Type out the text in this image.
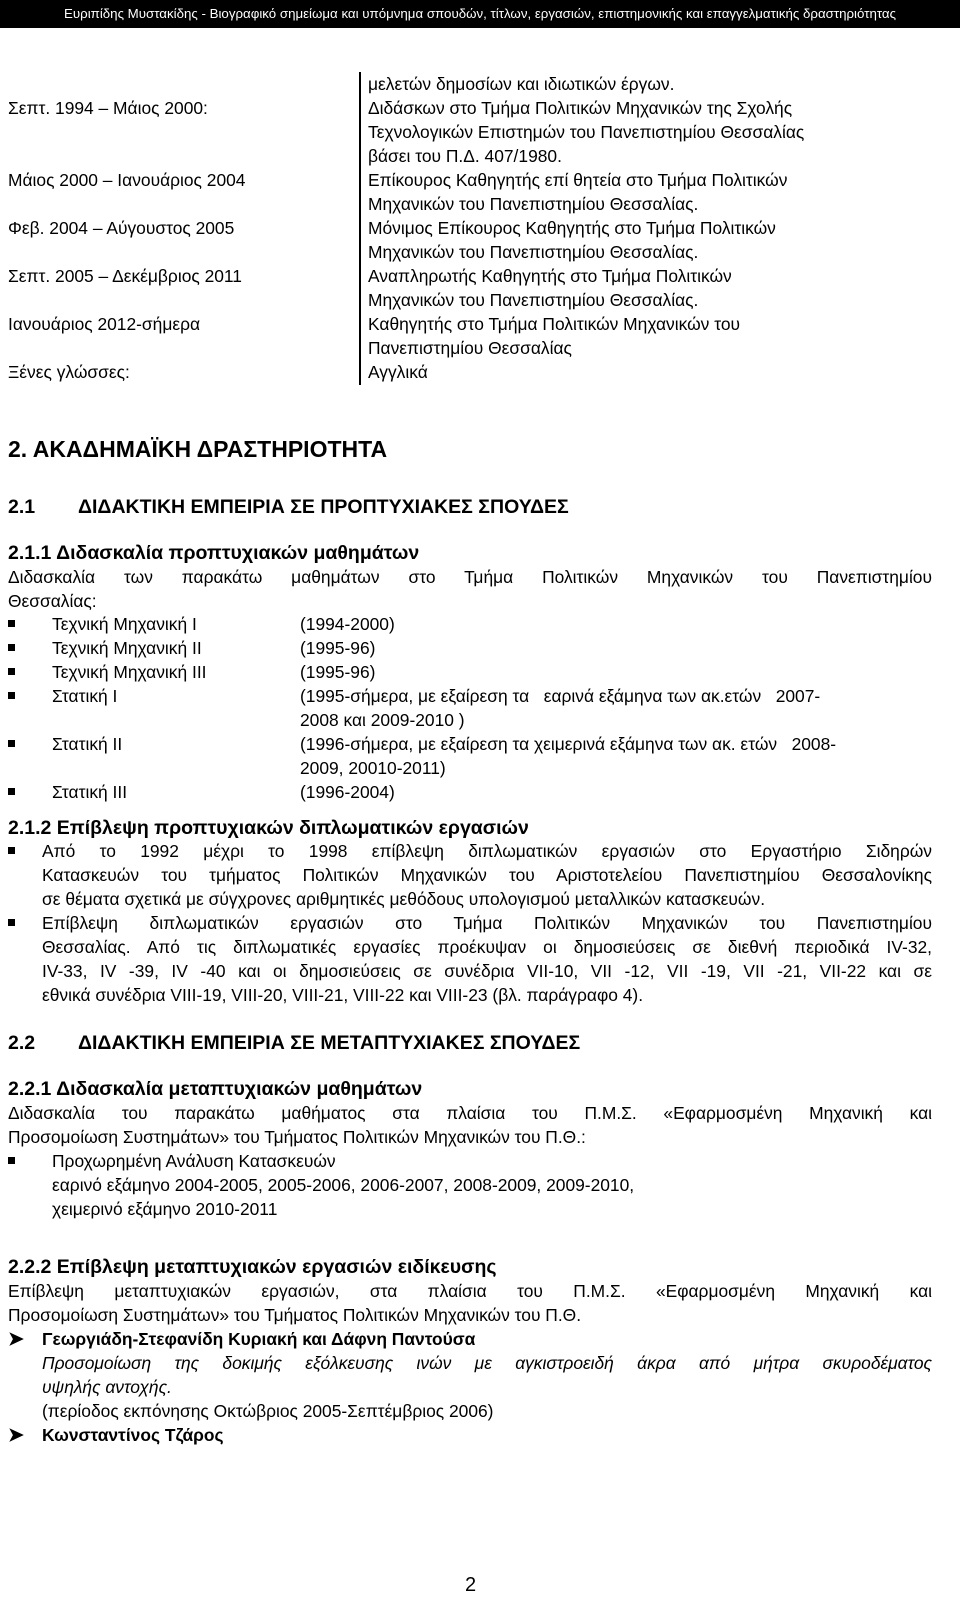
Ευριπίδης Μυστακίδης - Βιογραφικό σημείωμα και υπόμνημα σπουδών, τίτλων, εργασιών, επιστημονικής και επαγγελματικής δραστηριότητας
μελετών δημοσίων και ιδιωτικών έργων.
Σεπτ. 1994 – Μάιος 2000:	Διδάσκων στο Τμήμα Πολιτικών Μηχανικών της Σχολής
Τεχνολογικών Επιστημών του Πανεπιστημίου Θεσσαλίας
βάσει του Π.Δ. 407/1980.
Μάιος 2000 – Ιανουάριος 2004	Επίκουρος Καθηγητής επί θητεία στο Τμήμα Πολιτικών
Μηχανικών του Πανεπιστημίου Θεσσαλίας.
Φεβ. 2004 – Αύγουστος 2005	Μόνιμος Επίκουρος Καθηγητής στο Τμήμα Πολιτικών
Μηχανικών του Πανεπιστημίου Θεσσαλίας.
Σεπτ. 2005 – Δεκέμβριος 2011	Αναπληρωτής Καθηγητής στο Τμήμα Πολιτικών
Μηχανικών του Πανεπιστημίου Θεσσαλίας.
Ιανουάριος 2012-σήμερα	Καθηγητής στο Τμήμα Πολιτικών Μηχανικών του
Πανεπιστημίου Θεσσαλίας
Ξένες γλώσσες:	Αγγλικά
2. ΑΚΑΔΗΜΑΪΚΗ ΔΡΑΣΤΗΡΙΟΤΗΤΑ
2.1 ΔΙΔΑΚΤΙΚΗ ΕΜΠΕΙΡΙΑ ΣΕ ΠΡΟΠΤΥΧΙΑΚΕΣ ΣΠΟΥΔΕΣ
2.1.1 Διδασκαλία προπτυχιακών μαθημάτων
Διδασκαλία των παρακάτω μαθημάτων στο Τμήμα Πολιτικών Μηχανικών του Πανεπιστημίου
Θεσσαλίας:
Τεχνική Μηχανική I	(1994-2000)
Τεχνική Μηχανική II	(1995-96)
Τεχνική Μηχανική III	(1995-96)
Στατική I	(1995-σήμερα, με εξαίρεση τα   εαρινά εξάμηνα των ακ.ετών   2007-
2008 και 2009-2010 )
Στατική II	(1996-σήμερα, με εξαίρεση τα χειμερινά εξάμηνα των ακ. ετών   2008-
2009, 20010-2011)
Στατική III	(1996-2004)
2.1.2 Επίβλεψη προπτυχιακών διπλωματικών εργασιών
Από το 1992 μέχρι το 1998 επίβλεψη διπλωματικών εργασιών στο Εργαστήριο Σιδηρών
Κατασκευών του τμήματος Πολιτικών Μηχανικών του Αριστοτελείου Πανεπιστημίου Θεσσαλονίκης
σε θέματα σχετικά με σύγχρονες αριθμητικές μεθόδους υπολογισμού μεταλλικών κατασκευών.
Επίβλεψη διπλωματικών εργασιών στο Τμήμα Πολιτικών Μηχανικών του Πανεπιστημίου
Θεσσαλίας. Από τις διπλωματικές εργασίες προέκυψαν οι δημοσιεύσεις σε διεθνή περιοδικά IV-32,
IV-33, IV -39, IV -40 και οι δημοσιεύσεις σε συνέδρια VII-10, VII -12, VII -19, VII -21, VII-22 και σε
εθνικά συνέδρια VIII-19, VIII-20, VIII-21, VIII-22 και VIII-23 (βλ. παράγραφο 4).
2.2 ΔΙΔΑΚΤΙΚΗ ΕΜΠΕΙΡΙΑ ΣΕ ΜΕΤΑΠΤΥΧΙΑΚΕΣ ΣΠΟΥΔΕΣ
2.2.1 Διδασκαλία μεταπτυχιακών μαθημάτων
Διδασκαλία του παρακάτω μαθήματος στα πλαίσια του Π.Μ.Σ. «Εφαρμοσμένη Μηχανική και
Προσομοίωση Συστημάτων» του Τμήματος Πολιτικών Μηχανικών του Π.Θ.:
Προχωρημένη Ανάλυση Κατασκευών
εαρινό εξάμηνο 2004-2005, 2005-2006, 2006-2007, 2008-2009, 2009-2010,
χειμερινό εξάμηνο 2010-2011
2.2.2 Επίβλεψη μεταπτυχιακών εργασιών ειδίκευσης
Επίβλεψη μεταπτυχιακών εργασιών, στα πλαίσια του Π.Μ.Σ. «Εφαρμοσμένη Μηχανική και
Προσομοίωση Συστημάτων» του Τμήματος Πολιτικών Μηχανικών του Π.Θ.
➤ Γεωργιάδη-Στεφανίδη Κυριακή και Δάφνη Παντούσα
Προσομοίωση της δοκιμής εξόλκευσης ινών με αγκιστροειδή άκρα από μήτρα σκυροδέματος
υψηλής αντοχής.
(περίοδος εκπόνησης Οκτώβριος 2005-Σεπτέμβριος 2006)
➤ Κωνσταντίνος Τζάρος
2
